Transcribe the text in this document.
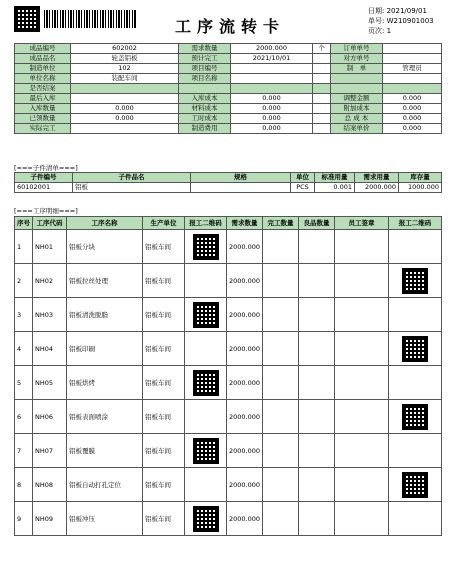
工序流转卡
日期: 2021/09/01
单号: W210901003
页次: 1
成品编号	602002	需求数量	2000.000	个	订单单号	
成品品名	轮盖铝板	预计完工	2021/10/01		对方单号	
制造单位	102	项目编号			制　单	管理员
单位名称	装配车间	项目名称				
是否结案						
最后入库		入库成本	0.000		调整金额	0.000
入库数量	0.000	材料成本	0.000		附加成本	0.000
已领数量	0.000	工时成本	0.000		总 成 本	0.000
实际完工		制造费用	0.000		结案单价	0.000
[===子件清单===]
子件编号	子件品名	规格	单位	标准用量	需求用量	库存量
60102001	铝板		PCS	0.001	2000.000	1000.000
[===工序明细===]
序号	工序代码	工序名称	生产单位	报工二维码	需求数量	完工数量	良品数量	员工签章	报工二维码
1	NH01	铝板分块	铝板车间		2000.000				
2	NH02	铝板拉丝处理	铝板车间		2000.000				

3	NH03	铝板清洗脱脂	铝板车间		2000.000				
4	NH04	铝板印刷	铝板车间		2000.000				

5	NH05	铝板烘烤	铝板车间		2000.000				
6	NH06	铝板表面喷涂	铝板车间		2000.000				

7	NH07	铝板覆膜	铝板车间		2000.000				
8	NH08	铝板自动打孔定位	铝板车间		2000.000				

9	NH09	铝板冲压	铝板车间		2000.000				
